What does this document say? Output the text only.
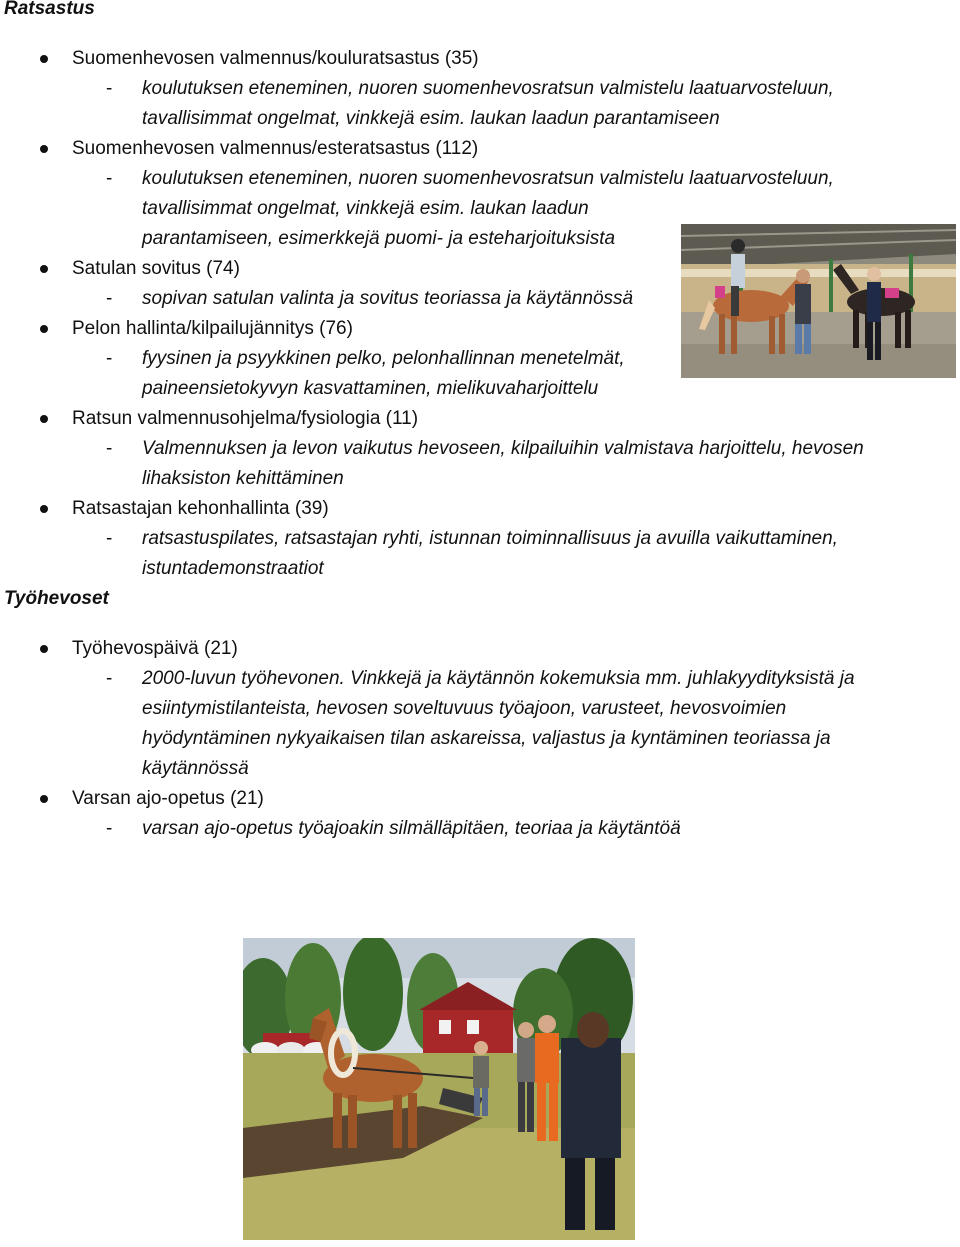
Ratsastus
Suomenhevosen valmennus/kouluratsastus (35)
- koulutuksen eteneminen, nuoren suomenhevosratsun valmistelu laatuarvosteluun,
tavallisimmat ongelmat, vinkkejä esim. laukan laadun parantamiseen
Suomenhevosen valmennus/esteratsastus (112)
- koulutuksen eteneminen, nuoren suomenhevosratsun valmistelu laatuarvosteluun,
tavallisimmat ongelmat, vinkkejä esim. laukan laadun
parantamiseen, esimerkkejä puomi- ja esteharjoituksista
Satulan sovitus (74)
- sopivan satulan valinta ja sovitus teoriassa ja käytännössä
Pelon hallinta/kilpailujännitys (76)
- fyysinen ja psyykkinen pelko, pelonhallinnan menetelmät,
paineensietokyvyn kasvattaminen, mielikuvaharjoittelu
Ratsun valmennusohjelma/fysiologia (11)
- Valmennuksen ja levon vaikutus hevoseen, kilpailuihin valmistava harjoittelu, hevosen
lihaksiston kehittäminen
Ratsastajan kehonhallinta (39)
- ratsastuspilates, ratsastajan ryhti, istunnan toiminnallisuus ja avuilla vaikuttaminen,
istuntademonstraatiot
Työhevoset
Työhevospäivä (21)
- 2000-luvun työhevonen. Vinkkejä ja käytännön kokemuksia mm. juhlakyydityksistä ja
esiintymistilanteista, hevosen soveltuvuus työajoon, varusteet, hevosvoimien
hyödyntäminen nykyaikaisen tilan askareissa, valjastus ja kyntäminen teoriassa ja
käytännössä
Varsan ajo-opetus (21)
- varsan ajo-opetus työajoakin silmälläpitäen, teoriaa ja käytäntöä
